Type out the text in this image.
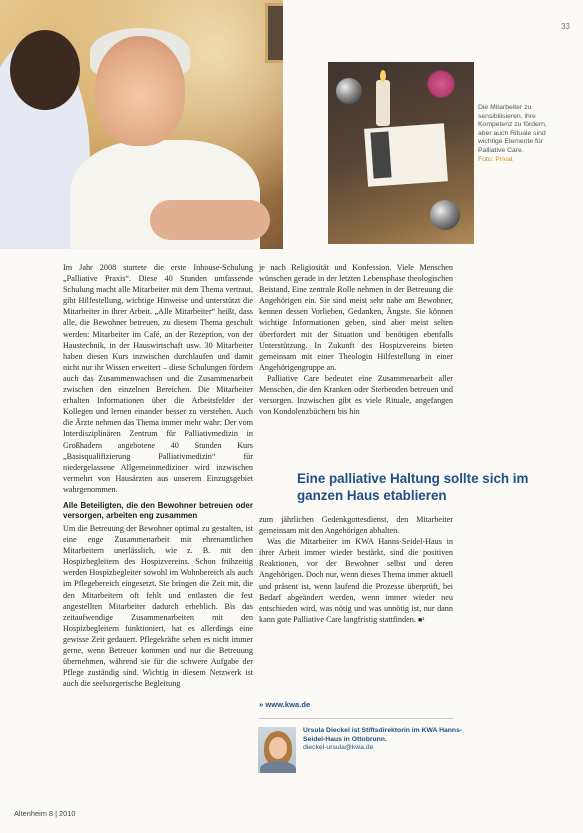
33
Die Mitarbeiter zu sensibilisieren, ihre Kompetenz zu fördern, aber auch Rituale sind wichtige Elemente für Palliative Care.
Foto: Privat

Im Jahr 2008 startete die erste Inhouse-Schulung „Palliative Praxis“. Diese 40 Stunden umfassende Schulung macht alle Mitarbeiter mit dem Thema vertraut, gibt Hilfestellung, wichtige Hinweise und unterstützt die Mitarbeiter in ihrer Arbeit. „Alle Mitarbeiter“ heißt, dass alle, die Bewohner betreuen, zu diesem Thema geschult werden: Mitarbeiter im Café, an der Rezeption, von der Haustechnik, in der Hauswirtschaft usw. 30 Mitarbeiter haben diesen Kurs inzwischen durchlaufen und damit nicht nur ihr Wissen erweitert – diese Schulungen fördern auch das Zusammenwachsen und die Zusammenarbeit zwischen den einzelnen Bereichen. Die Mitarbeiter erhalten Informationen über die Arbeitsfelder der Kollegen und lernen einander besser zu verstehen. Auch die Ärzte nehmen das Thema immer mehr wahr: Der vom Interdisziplinären Zentrum für Palliativmedizin in Großhadern angebotene 40 Stunden Kurs „Basisqualifizierung Palliativmedizin“ für niedergelassene Allgemeinmediziner wird inzwischen vermehrt von Hausärzten aus unserem Einzugsgebiet wahrgenommen.

Alle Beteiligten, die den Bewohner betreuen oder versorgen, arbeiten eng zusammen

Um die Betreuung der Bewohner optimal zu gestalten, ist eine enge Zusammenarbeit mit ehrenamtlichen Mitarbeitern unerlässlich, wie z. B. mit den Hospizbegleitern des Hospizvereins. Schon frühzeitig werden Hospizbegleiter sowohl im Wohnbereich als auch im Pflegebereich eingesetzt. Sie bringen die Zeit mit, die den Mitarbeitern oft fehlt und entlasten die fest angestellten Mitarbeiter dadurch erheblich. Bis das zeitaufwendige Zusammenarbeiten mit den Hospizbegleitern funktioniert, hat es allerdings eine gewisse Zeit gedauert. Pflegekräfte sehen es nicht immer gerne, wenn Betreuer kommen und nur die Betreuung übernehmen, während sie für die schwere Aufgabe der Pflege zuständig sind. Wichtig in diesem Netzwerk ist auch die seelsorgerische Begleitung

je nach Religiosität und Konfession. Viele Menschen wünschen gerade in der letzten Lebensphase theologischen Beistand. Eine zentrale Rolle nehmen in der Betreuung die Angehörigen ein. Sie sind meist sehr nahe am Bewohner, kennen dessen Vorlieben, Gedanken, Ängste. Sie können wichtige Informationen geben, sind aber meist selten überfordert mit der Situation und benötigen ebenfalls Unterstützung. In Zukunft des Hospizvereins bieten gemeinsam mit einer Theologin Hilfestellung in einer Angehörigengruppe an.

Palliative Care bedeutet eine Zusammenarbeit aller Menschen, die den Kranken oder Sterbenden betreuen und versorgen. Inzwischen gibt es viele Rituale, angefangen von Kondolenzbüchern bis hin

Eine palliative Haltung sollte sich im ganzen Haus etablieren

zum jährlichen Gedenkgottesdienst, den Mitarbeiter gemeinsam mit den Angehörigen abhalten.

Was die Mitarbeiter im KWA Hanns-Seidel-Haus in ihrer Arbeit immer wieder bestärkt, sind die positiven Reaktionen, vor der Bewohner selbst und deren Angehörigen. Doch nur, wenn dieses Thema immer aktuell und präsent ist, wenn laufend die Prozesse überprüft, bei Bedarf abgeändert werden, wenn immer wieder neu entschieden wird, was nötig und was unnötig ist, nur dann kann gute Palliative Care langfristig stattfinden. ■¹

» www.kwa.de
Ursula Dieckel ist Stiftsdirektorin im KWA Hanns-Seidel-Haus in Ottobrunn.
dieckel-ursula@kwa.de
Altenheim 8 | 2010
